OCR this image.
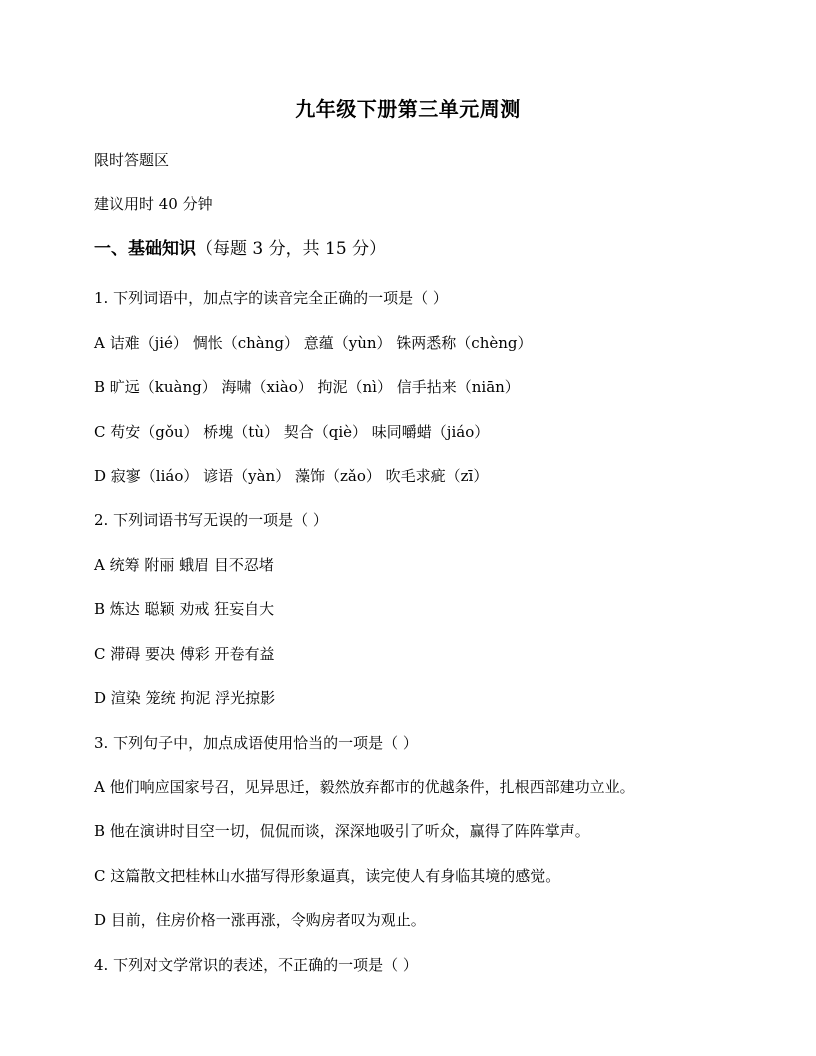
九年级下册第三单元周测
限时答题区
建议用时 40 分钟
一、基础知识（每题 3 分，共 15 分）
1. 下列词语中，加点字的读音完全正确的一项是（ ）
A 诘难（jié） 惆怅（chàng） 意蕴（yùn） 铢两悉称（chèng）
B 旷远（kuàng） 海啸（xiào） 拘泥（nì） 信手拈来（niān）
C 苟安（gǒu） 桥塊（tù） 契合（qiè） 味同嚼蜡（jiáo）
D 寂寥（liáo） 谚语（yàn） 藻饰（zǎo） 吹毛求疵（zī）
2. 下列词语书写无误的一项是（ ）
A 统筹 附丽 蛾眉 目不忍堵
B 炼达 聪颖 劝戒 狂妄自大
C 滞碍 要决 傅彩 开卷有益
D 渲染 笼统 拘泥 浮光掠影
3. 下列句子中，加点成语使用恰当的一项是（ ）
A 他们响应国家号召，见异思迁，毅然放弃都市的优越条件，扎根西部建功立业。
B 他在演讲时目空一切，侃侃而谈，深深地吸引了听众，赢得了阵阵掌声。
C 这篇散文把桂林山水描写得形象逼真，读完使人有身临其境的感觉。
D 目前，住房价格一涨再涨，令购房者叹为观止。
4. 下列对文学常识的表述，不正确的一项是（ ）
